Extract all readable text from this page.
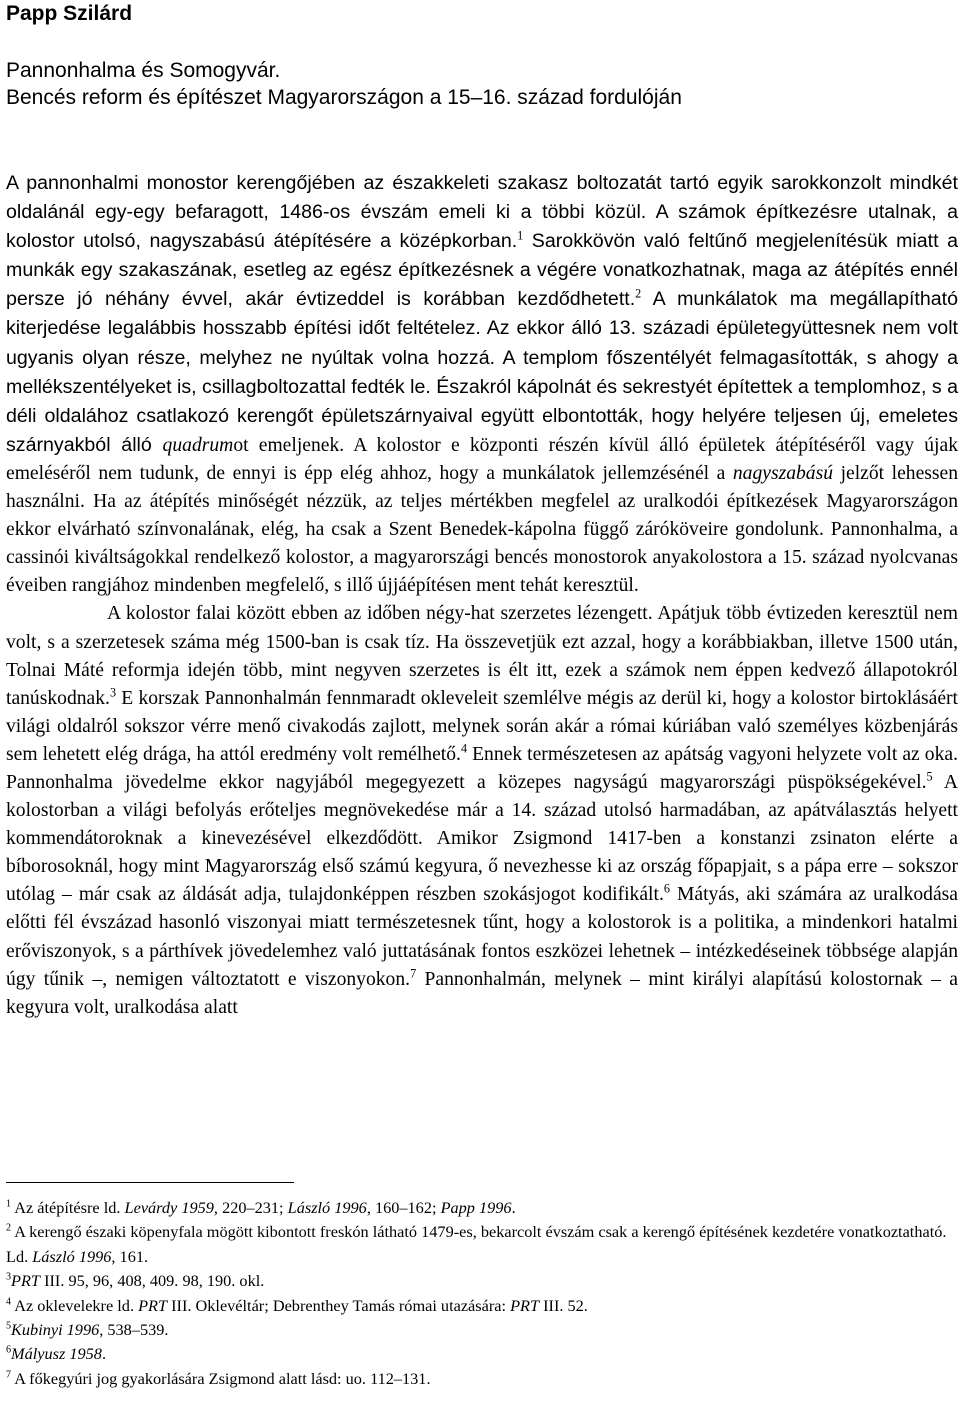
Papp Szilárd
Pannonhalma és Somogyvár.
Bencés reform és építészet Magyarországon a 15–16. század fordulóján

A pannonhalmi monostor kerengőjében az északkeleti szakasz boltozatát tartó egyik sarokkonzolt mindkét oldalánál egy-egy befaragott, 1486-os évszám emeli ki a többi közül. A számok építkezésre utalnak, a kolostor utolsó, nagyszabású átépítésére a középkorban.$^1$ Sarokkövön való feltűnő megjelenítésük miatt a munkák egy szakaszának, esetleg az egész építkezésnek a végére vonatkozhatnak, maga az átépítés ennél persze jó néhány évvel, akár évtizeddel is korábban kezdődhetett.$^2$ A munkálatok ma megállapítható kiterjedése legalábbis hosszabb építési időt feltételez. Az ekkor álló 13. századi épületegyüttesnek nem volt ugyanis olyan része, melyhez ne nyúltak volna hozzá. A templom főszentélyét felmagasították, s ahogy a mellékszentélyeket is, csillagboltozattal fedték le. Északról kápolnát és sekrestyét építettek a templomhoz, s a déli oldalához csatlakozó kerengőt épületszárnyaival együtt elbontották, hogy helyére teljesen új, emeletes szárnyakból álló quadrumot emeljenek. A kolostor e központi részén kívül álló épületek átépítéséről vagy újak emeléséről nem tudunk, de ennyi is épp elég ahhoz, hogy a munkálatok jellemzésénél a nagyszabású jelzőt lehessen használni. Ha az átépítés minőségét nézzük, az teljes mértékben megfelel az uralkodói építkezések Magyarországon ekkor elvárható színvonalának, elég, ha csak a Szent Benedek-kápolna függő záróköveire gondolunk. Pannonhalma, a cassinói kiváltságokkal rendelkező kolostor, a magyarországi bencés monostorok anyakolostora a 15. század nyolcvanas éveiben rangjához mindenben megfelelő, s illő újjáépítésen ment tehát keresztül.

A kolostor falai között ebben az időben négy-hat szerzetes lézengett. Apátjuk több évtizeden keresztül nem volt, s a szerzetesek száma még 1500-ban is csak tíz. Ha összevetjük ezt azzal, hogy a korábbiakban, illetve 1500 után, Tolnai Máté reformja idején több, mint negyven szerzetes is élt itt, ezek a számok nem éppen kedvező állapotokról tanúskodnak.$^3$ E korszak Pannonhalmán fennmaradt okleveleit szemlélve mégis az derül ki, hogy a kolostor birtoklásáért világi oldalról sokszor vérre menő civakodás zajlott, melynek során akár a római kúriában való személyes közbenjárás sem lehetett elég drága, ha attól eredmény volt remélhető.$^4$ Ennek természetesen az apátság vagyoni helyzete volt az oka. Pannonhalma jövedelme ekkor nagyjából megegyezett a közepes nagyságú magyarországi püspökségekével.$^5$ A kolostorban a világi befolyás erőteljes megnövekedése már a 14. század utolsó harmadában, az apátválasztás helyett kommendátoroknak a kinevezésével elkezdődött. Amikor Zsigmond 1417-ben a konstanzi zsinaton elérte a bíborosoknál, hogy mint Magyarország első számú kegyura, ő nevezhesse ki az ország főpapjait, s a pápa erre – sokszor utólag – már csak az áldását adja, tulajdonképpen részben szokásjogot kodifikált.$^6$ Mátyás, aki számára az uralkodása előtti fél évszázad hasonló viszonyai miatt természetesnek tűnt, hogy a kolostorok is a politika, a mindenkori hatalmi erőviszonyok, s a párthívek jövedelemhez való juttatásának fontos eszközei lehetnek – intézkedéseinek többsége alapján úgy tűnik –, nemigen változtatott e viszonyokon.$^7$ Pannonhalmán, melynek – mint királyi alapítású kolostornak – a kegyura volt, uralkodása alatt

$^1$ Az átépítésre ld. Levárdy 1959, 220–231; László 1996, 160–162; Papp 1996.

$^2$ A kerengő északi köpenyfala mögött kibontott freskón látható 1479-es, bekarcolt évszám csak a kerengő építésének kezdetére vonatkoztatható. Ld. László 1996, 161.

$^3$PRT III. 95, 96, 408, 409. 98, 190. okl.

$^4$ Az oklevelekre ld. PRT III. Oklevéltár; Debrenthey Tamás római utazására: PRT III. 52.

$^5$Kubinyi 1996, 538–539.

$^6$Mályusz 1958.

$^7$ A főkegyúri jog gyakorlására Zsigmond alatt lásd: uo. 112–131.
